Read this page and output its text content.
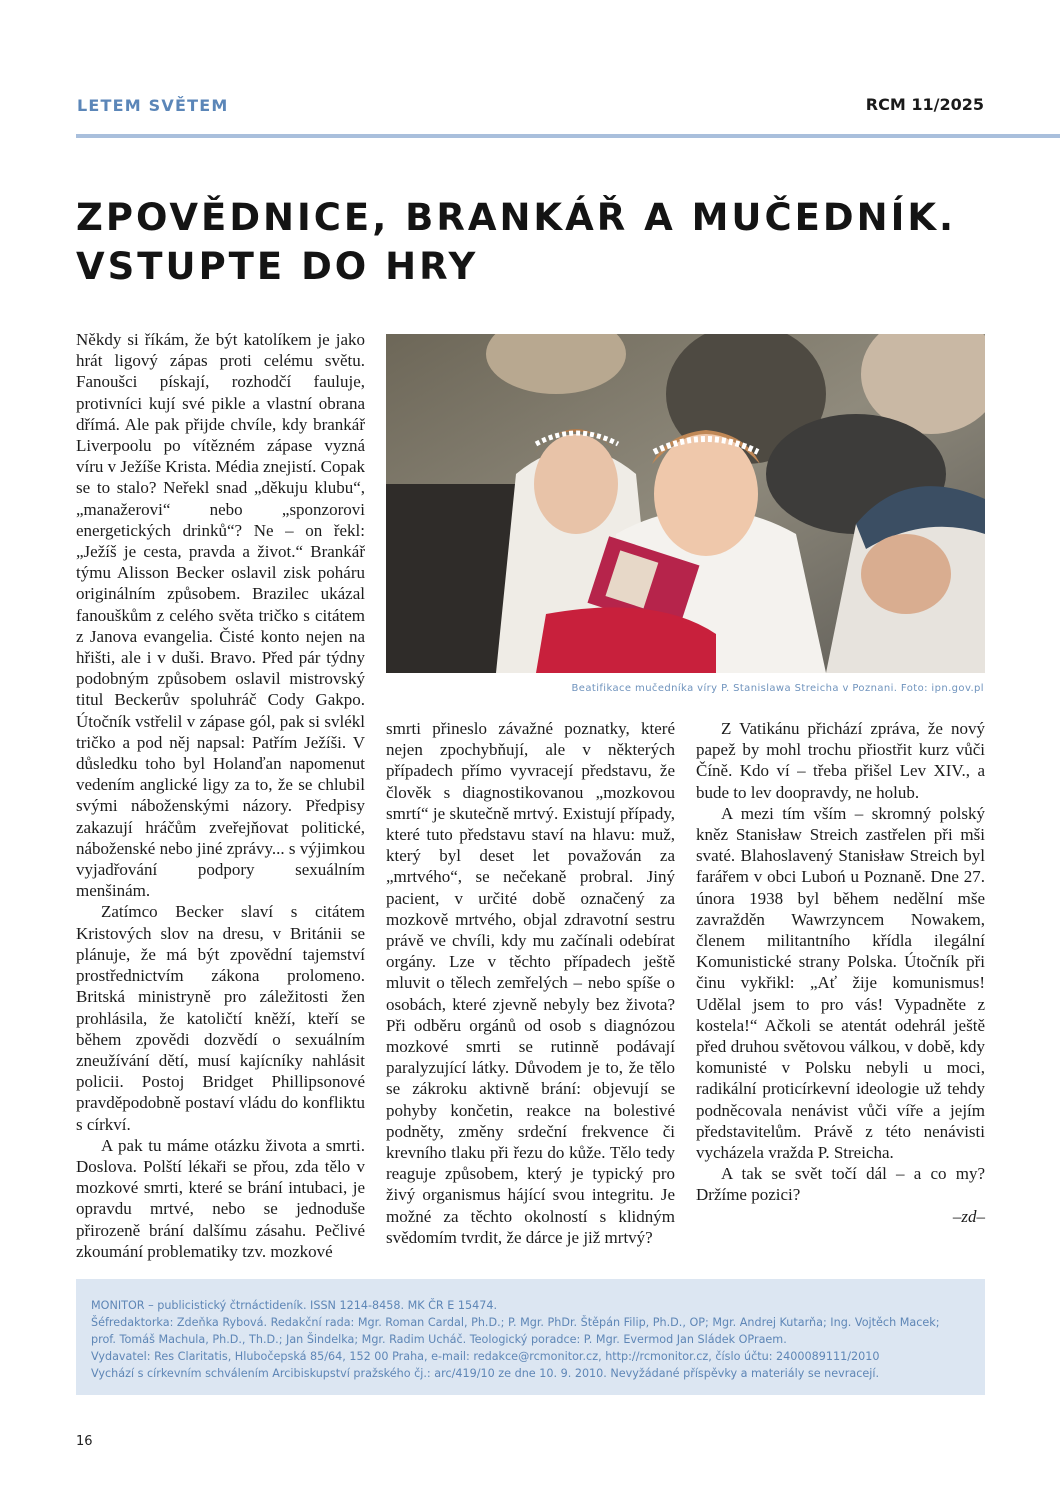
LETEM SVĚTEM	RCM 11/2025
ZPOVĚDNICE, BRANKÁŘ A MUČEDNÍK.
VSTUPTE DO HRY

Někdy si říkám, že být katolíkem je jako hrát ligový zápas proti celému světu. Fanoušci pískají, rozhodčí fauluje, protivníci kují své pikle a vlastní obrana dřímá. Ale pak přijde chvíle, kdy brankář Liverpoolu po vítězném zápase vyzná víru v Ježíše Krista. Média znejistí. Copak se to stalo? Neřekl snad „děkuju klubu“, „manažerovi“ nebo „sponzorovi energetických drinků“? Ne – on řekl: „Ježíš je cesta, pravda a život.“ Brankář týmu Alisson Becker oslavil zisk poháru originálním způsobem. Brazilec ukázal fanouškům z celého světa tričko s citátem z Janova evangelia. Čisté konto nejen na hřišti, ale i v duši. Bravo. Před pár týdny podobným způsobem oslavil mistrovský titul Beckerův spoluhráč Cody Gakpo. Útočník vstřelil v zápase gól, pak si svlékl tričko a pod něj napsal: Patřím Ježíši. V důsledku toho byl Holanďan napomenut vedením anglické ligy za to, že se chlubil svými náboženskými názory. Předpisy zakazují hráčům zveřejňovat politické, náboženské nebo jiné zprávy... s výjimkou vyjadřování podpory sexuálním menšinám.

Zatímco Becker slaví s citátem Kristových slov na dresu, v Británii se plánuje, že má být zpovědní tajemství prostřednictvím zákona prolomeno. Britská ministryně pro záležitosti žen prohlásila, že katoličtí kněží, kteří se během zpovědi dozvědí o sexuálním zneužívání dětí, musí kajícníky nahlásit policii. Postoj Bridget Phillipsonové pravděpodobně postaví vládu do konfliktu s církví.

A pak tu máme otázku života a smrti. Doslova. Polští lékaři se přou, zda tělo v mozkové smrti, které se brání intubaci, je opravdu mrtvé, nebo se jednoduše přirozeně brání dalšímu zásahu. Pečlivé zkoumání problematiky tzv. mozkové

Beatifikace mučedníka víry P. Stanislawa Streicha v Poznani. Foto: ipn.gov.pl

smrti přineslo závažné poznatky, které nejen zpochybňují, ale v některých případech přímo vyvracejí představu, že člověk s diagnostikovanou „mozkovou smrtí“ je skutečně mrtvý. Existují případy, které tuto představu staví na hlavu: muž, který byl deset let považován za „mrtvého“, se nečekaně probral. Jiný pacient, v určité době označený za mozkově mrtvého, objal zdravotní sestru právě ve chvíli, kdy mu začínali odebírat orgány. Lze v těchto případech ještě mluvit o tělech zemřelých – nebo spíše o osobách, které zjevně nebyly bez života? Při odběru orgánů od osob s diagnózou mozkové smrti se rutinně podávají paralyzující látky. Důvodem je to, že tělo se zákroku aktivně brání: objevují se pohyby končetin, reakce na bolestivé podněty, změny srdeční frekvence či krevního tlaku při řezu do kůže. Tělo tedy reaguje způsobem, který je typický pro živý organismus hájící svou integritu. Je možné za těchto okolností s klidným svědomím tvrdit, že dárce je již mrtvý?

Z Vatikánu přichází zpráva, že nový papež by mohl trochu přiostřit kurz vůči Číně. Kdo ví – třeba přišel Lev XIV., a bude to lev doopravdy, ne holub.

A mezi tím vším – skromný polský kněz Stanisław Streich zastřelen při mši svaté. Blahoslavený Stanisław Streich byl farářem v obci Luboń u Poznaně. Dne 27. února 1938 byl během nedělní mše zavražděn Wawrzyncem Nowakem, členem militantního křídla ilegální Komunistické strany Polska. Útočník při činu vykřikl: „Ať žije komunismus! Udělal jsem to pro vás! Vypadněte z kostela!“ Ačkoli se atentát odehrál ještě před druhou světovou válkou, v době, kdy komunisté v Polsku nebyli u moci, radikální proticírkevní ideologie už tehdy podněcovala nenávist vůči víře a jejím představitelům. Právě z této nenávisti vycházela vražda P. Streicha.

A tak se svět točí dál – a co my? Držíme pozici?

–zd–

MONITOR – publicistický čtrnáctideník. ISSN 1214-8458. MK ČR E 15474.
Šéfredaktorka: Zdeňka Rybová. Redakční rada: Mgr. Roman Cardal, Ph.D.; P. Mgr. PhDr. Štěpán Filip, Ph.D., OP; Mgr. Andrej Kutarňa; Ing. Vojtěch Macek;
prof. Tomáš Machula, Ph.D., Th.D.; Jan Šindelka; Mgr. Radim Ucháč. Teologický poradce: P. Mgr. Evermod Jan Sládek OPraem.
Vydavatel: Res Claritatis, Hlubočepská 85/64, 152 00 Praha, e-mail: redakce@rcmonitor.cz, http://rcmonitor.cz, číslo účtu: 2400089111/2010
Vychází s církevním schválením Arcibiskupství pražského čj.: arc/419/10 ze dne 10. 9. 2010. Nevyžádané příspěvky a materiály se nevracejí.
16
